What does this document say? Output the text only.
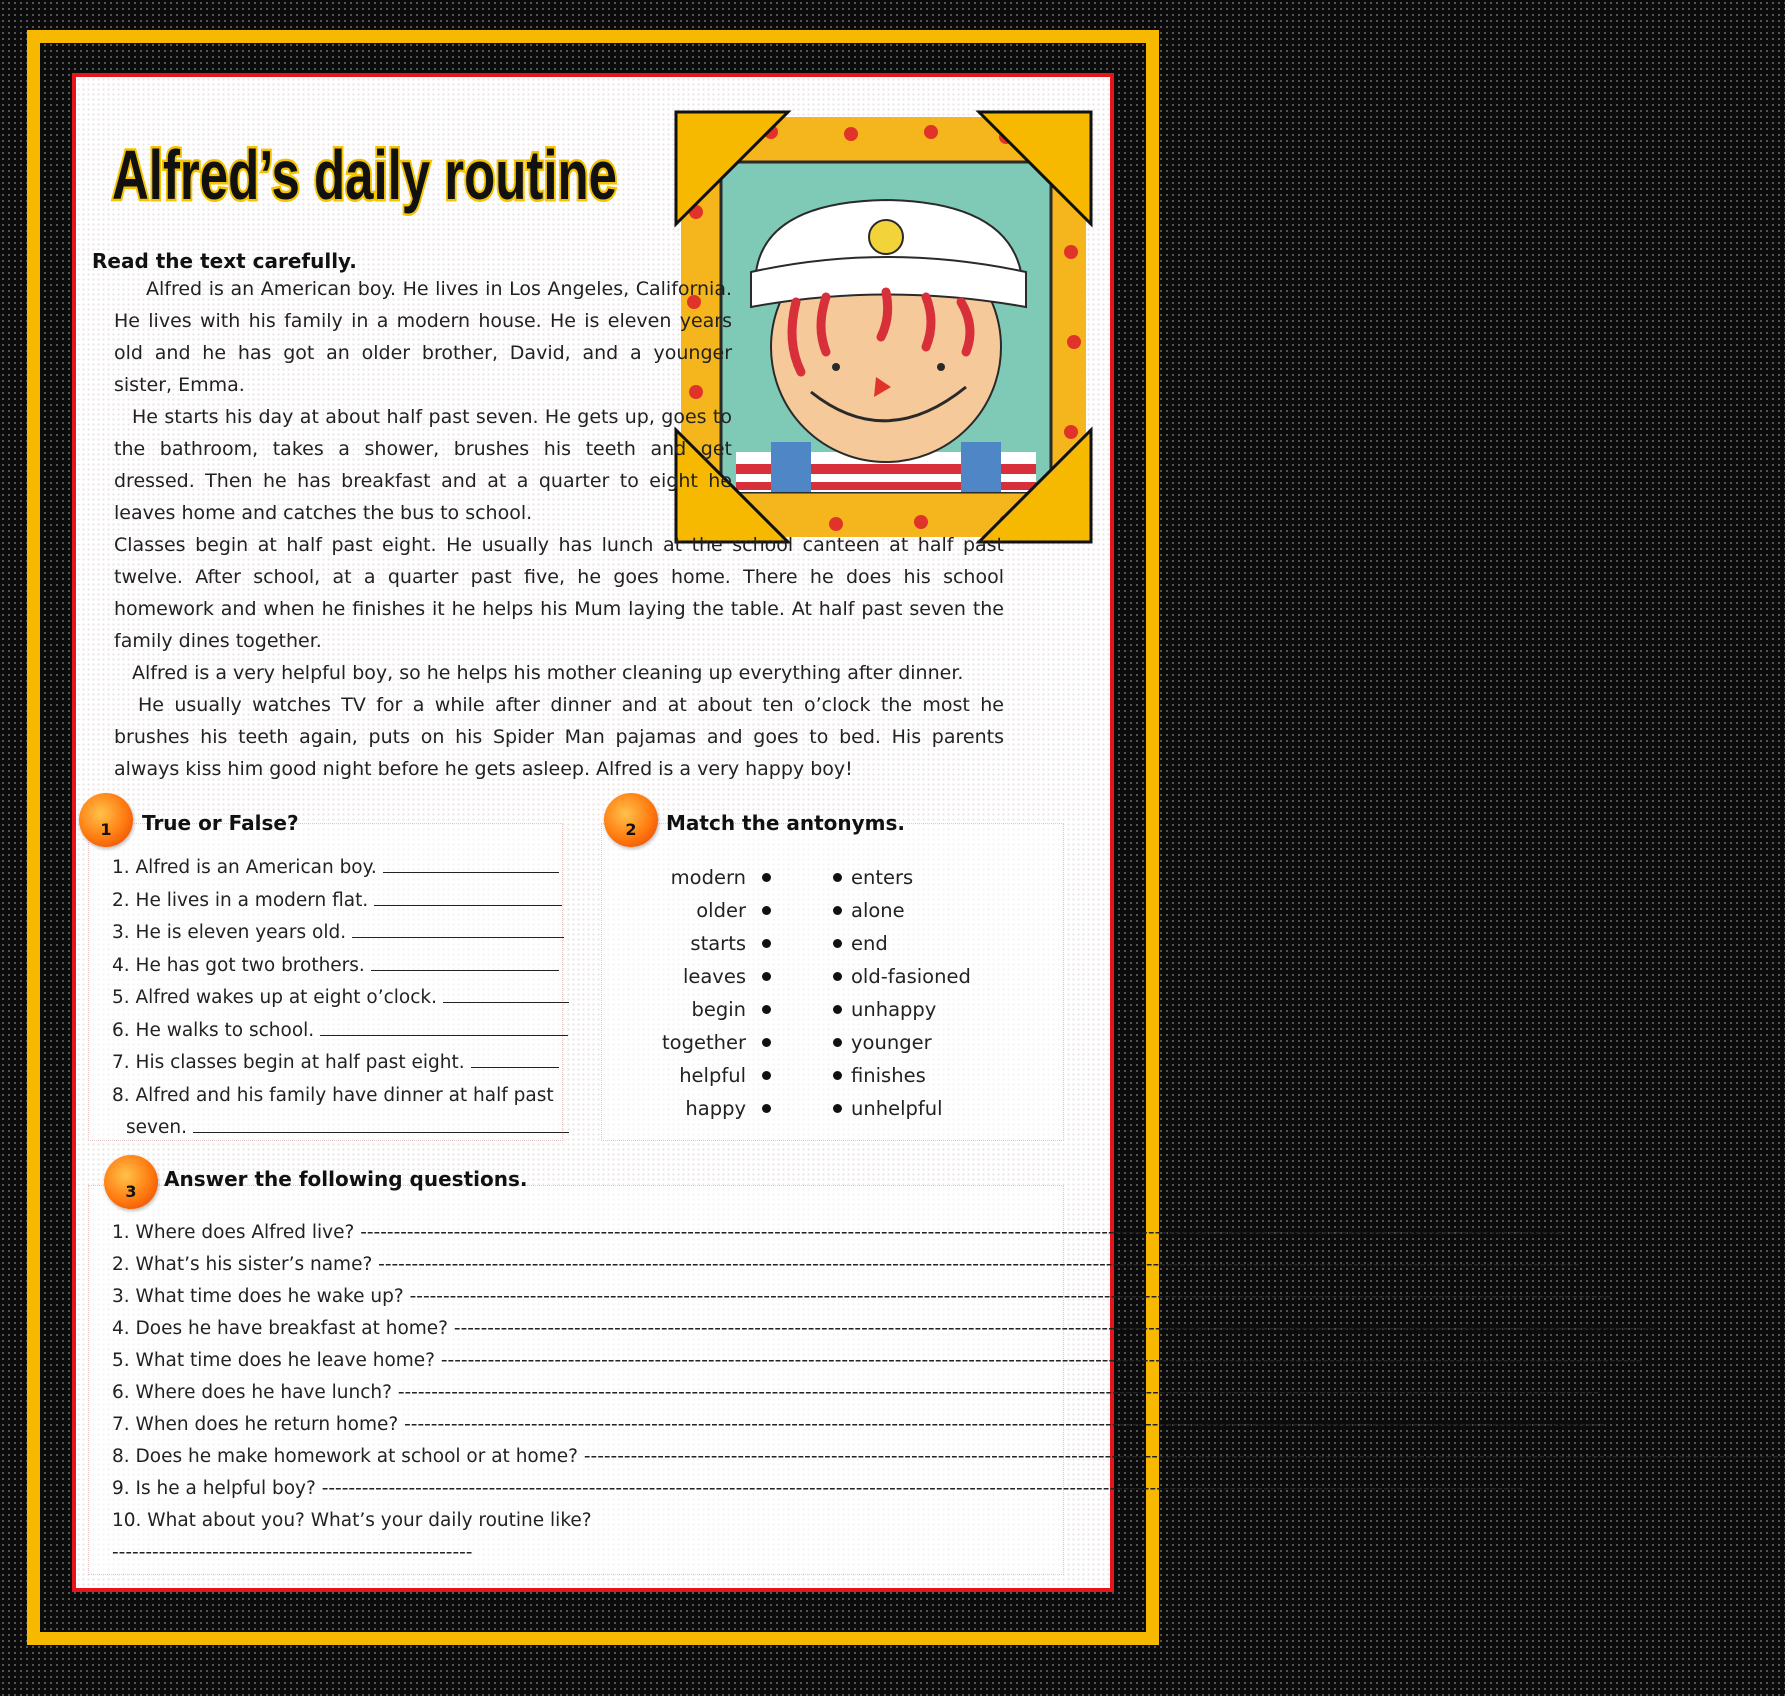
Alfred’s daily routine
Read the text carefully.

Alfred is an American boy. He lives in Los Angeles, California. He lives with his family in a modern house. He is eleven years old and he has got an older brother, David, and a younger sister, Emma.

He starts his day at about half past seven. He gets up, goes to the bathroom, takes a shower, brushes his teeth and get dressed. Then he has breakfast and at a quarter to eight he leaves home and catches the bus to school.

Classes begin at half past eight. He usually has lunch at the school canteen at half past twelve. After school, at a quarter past five, he goes home. There he does his school homework and when he finishes it he helps his Mum laying the table. At half past seven the family dines together.

Alfred is a very helpful boy, so he helps his mother cleaning up everything after dinner.

He usually watches TV for a while after dinner and at about ten o’clock the most he brushes his teeth again, puts on his Spider Man pajamas and goes to bed. His parents always kiss him good night before he gets asleep. Alfred is a very happy boy!

1	True or False?
1. Alfred is an American boy.
2. He lives in a modern flat.
3. He is eleven years old.
4. He has got two brothers.
5. Alfred wakes up at eight o’clock.
6. He walks to school.
7. His classes begin at half past eight.
8. Alfred and his family have dinner at half past
seven.
2	Match the antonyms.
modern
older
starts
leaves
begin
together
helpful
happy
enters
alone
end
old-fasioned
unhappy
younger
finishes
unhelpful
3
Answer the following questions.
1. Where does Alfred live? ------------------------------------------------------------------------------------------------------------------------------------------------------------------------------------
2. What’s his sister’s name? ------------------------------------------------------------------------------------------------------------------------------------------------------------------------------------
3. What time does he wake up? ------------------------------------------------------------------------------------------------------------------------------------------------------------------------------------
4. Does he have breakfast at home? ------------------------------------------------------------------------------------------------------------------------------------------------------------------------------------
5. What time does he leave home? ------------------------------------------------------------------------------------------------------------------------------------------------------------------------------------
6. Where does he have lunch? ------------------------------------------------------------------------------------------------------------------------------------------------------------------------------------
7. When does he return home? ------------------------------------------------------------------------------------------------------------------------------------------------------------------------------------
8. Does he make homework at school or at home? ------------------------------------------------------------------------------------------------------------------------------------------------------------------------------------
9. Is he a helpful boy? ------------------------------------------------------------------------------------------------------------------------------------------------------------------------------------
10. What about you? What’s your daily routine like?
------------------------------------------------------
